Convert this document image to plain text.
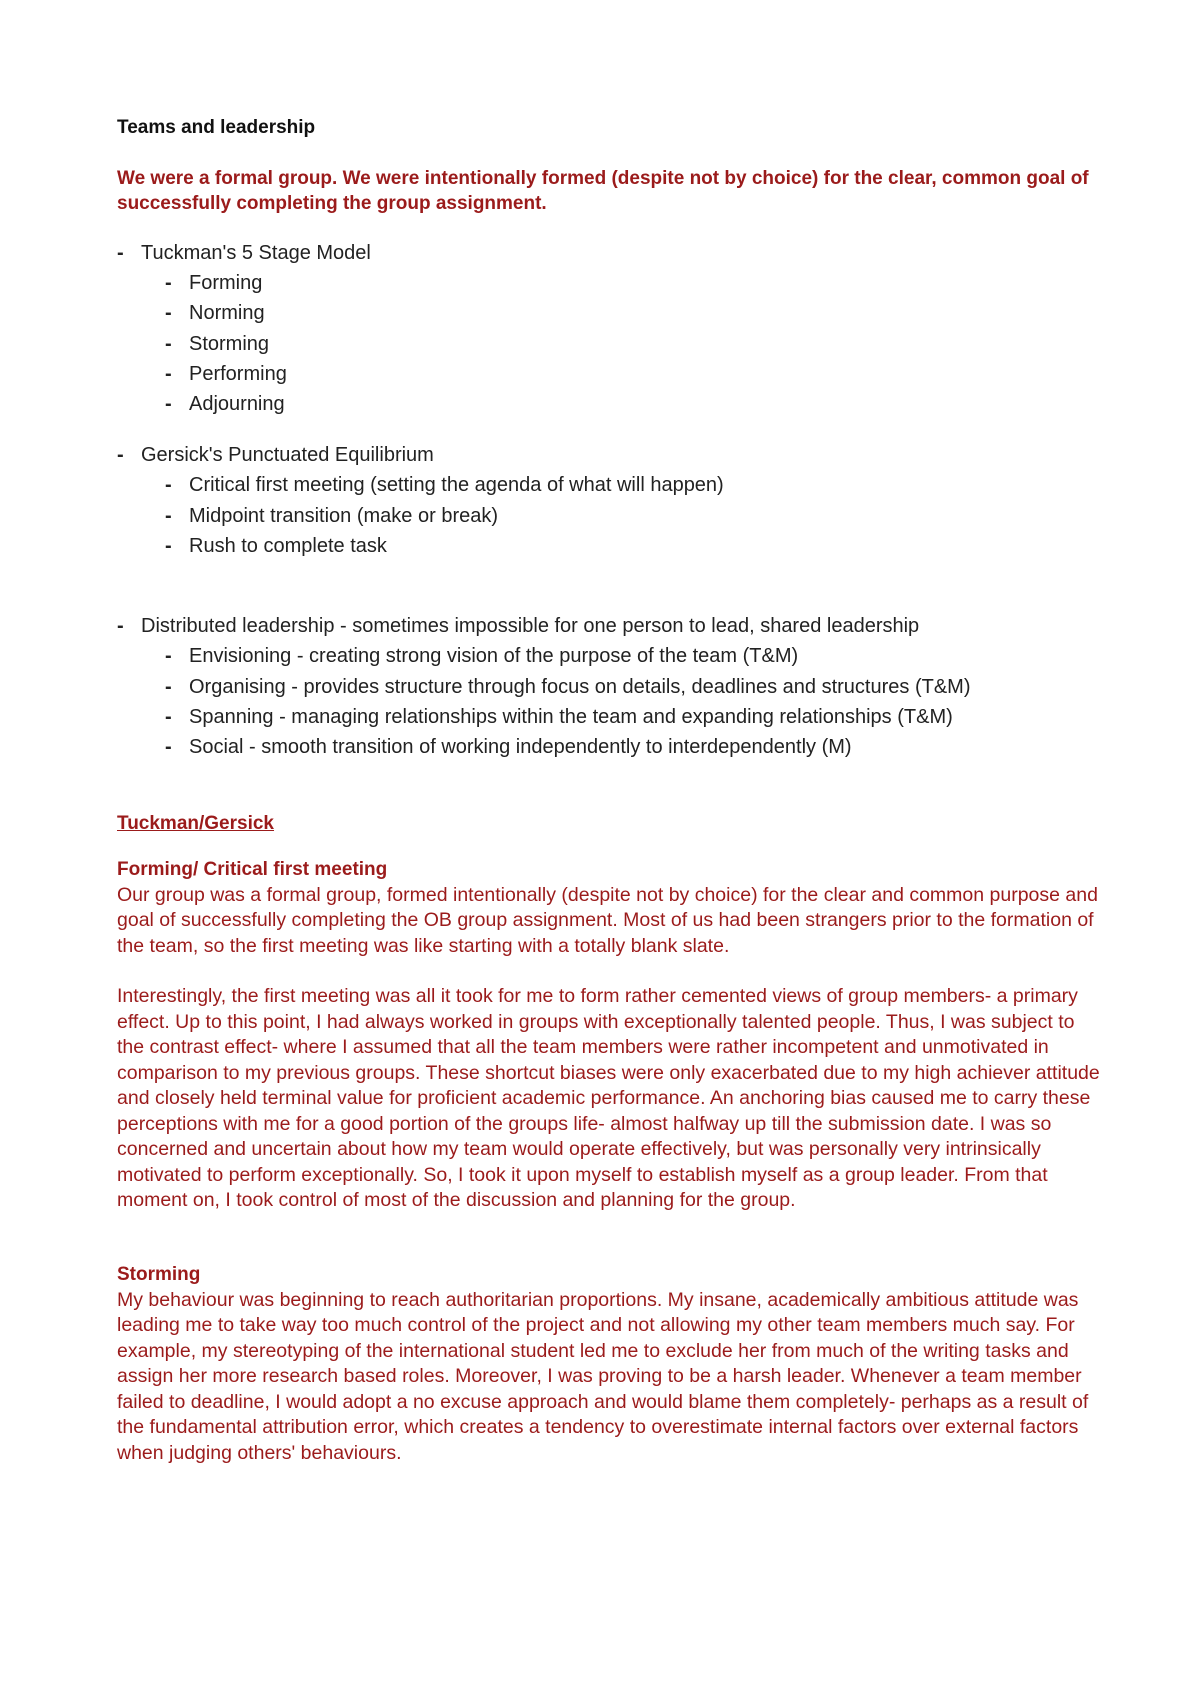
Teams and leadership

We were a formal group. We were intentionally formed (despite not by choice) for the clear, common goal of successfully completing the group assignment.

- Tuckman's 5 Stage Model
- Forming
- Norming
- Storming
- Performing
- Adjourning
- Gersick's Punctuated Equilibrium
- Critical first meeting (setting the agenda of what will happen)
- Midpoint transition (make or break)
- Rush to complete task
- Distributed leadership - sometimes impossible for one person to lead, shared leadership
- Envisioning - creating strong vision of the purpose of the team (T&M)
- Organising - provides structure through focus on details, deadlines and structures (T&M)
- Spanning - managing relationships within the team and expanding relationships (T&M)
- Social - smooth transition of working independently to interdependently (M)
Tuckman/Gersick
Forming/ Critical first meeting

Our group was a formal group, formed intentionally (despite not by choice) for the clear and common purpose and goal of successfully completing the OB group assignment. Most of us had been strangers prior to the formation of the team, so the first meeting was like starting with a totally blank slate.

Interestingly, the first meeting was all it took for me to form rather cemented views of group members- a primary effect. Up to this point, I had always worked in groups with exceptionally talented people. Thus, I was subject to the contrast effect- where I assumed that all the team members were rather incompetent and unmotivated in comparison to my previous groups. These shortcut biases were only exacerbated due to my high achiever attitude and closely held terminal value for proficient academic performance. An anchoring bias caused me to carry these perceptions with me for a good portion of the groups life- almost halfway up till the submission date. I was so concerned and uncertain about how my team would operate effectively, but was personally very intrinsically motivated to perform exceptionally. So, I took it upon myself to establish myself as a group leader. From that moment on, I took control of most of the discussion and planning for the group.

Storming

My behaviour was beginning to reach authoritarian proportions. My insane, academically ambitious attitude was leading me to take way too much control of the project and not allowing my other team members much say. For example, my stereotyping of the international student led me to exclude her from much of the writing tasks and assign her more research based roles. Moreover, I was proving to be a harsh leader. Whenever a team member failed to deadline, I would adopt a no excuse approach and would blame them completely- perhaps as a result of the fundamental attribution error, which creates a tendency to overestimate internal factors over external factors when judging others' behaviours.
